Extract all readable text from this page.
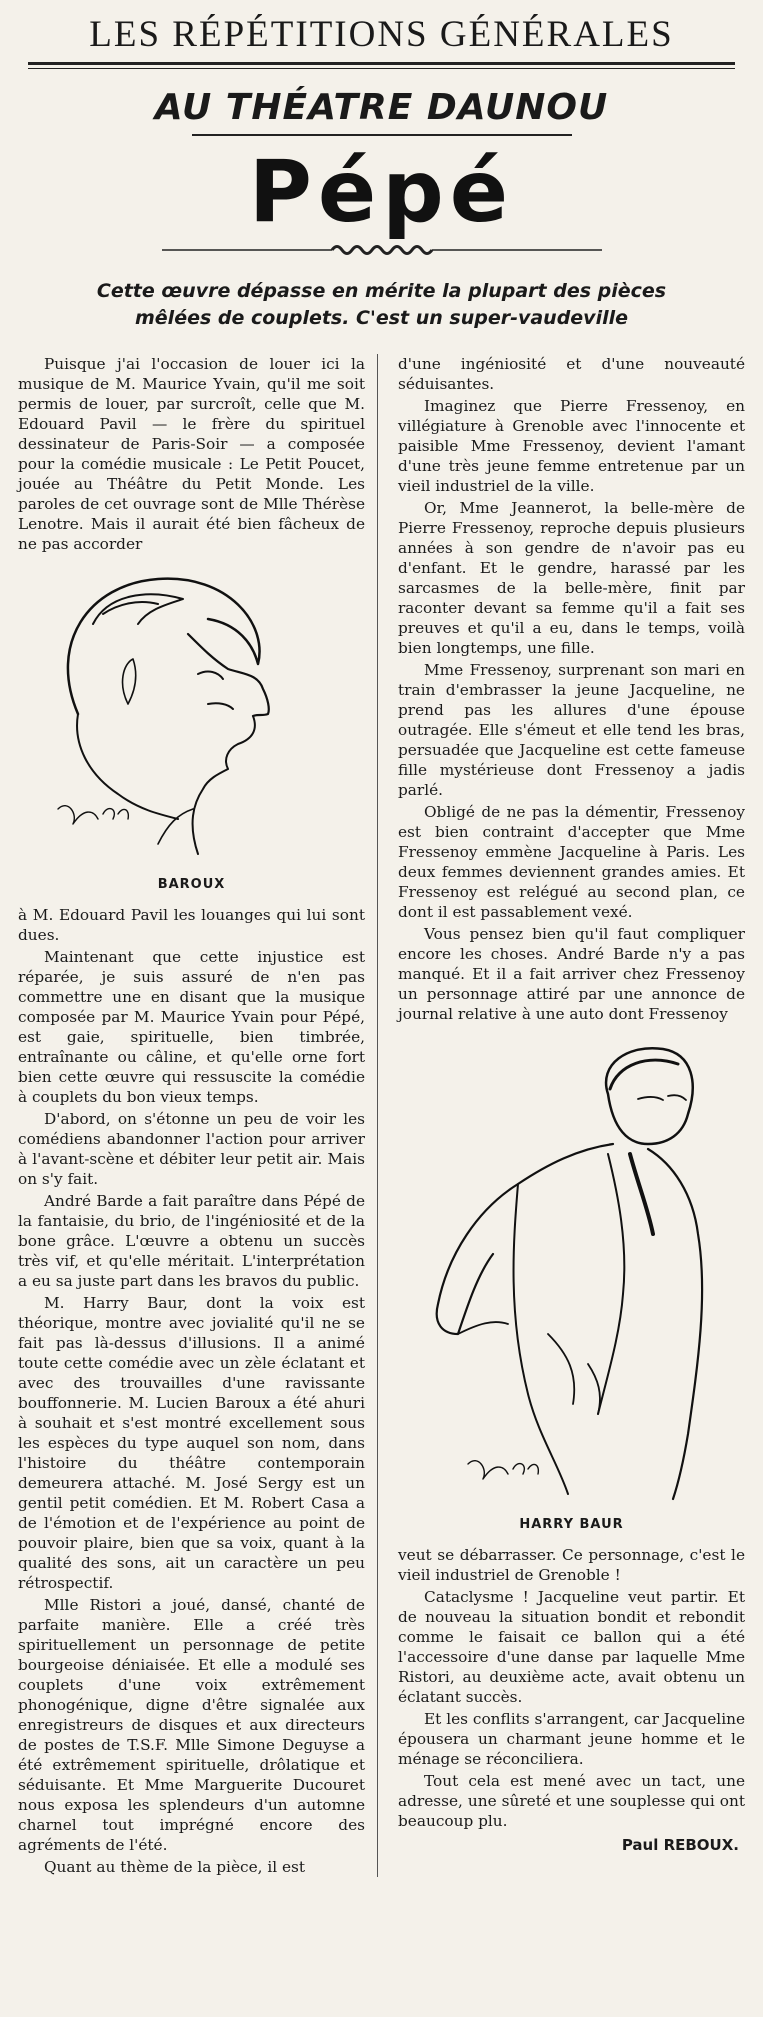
LES RÉPÉTITIONS GÉNÉRALES
AU THÉATRE DAUNOU
Pépé
Cette œuvre dépasse en mérite la plupart des pièces
mêlées de couplets. C'est un super-vaudeville

Puisque j'ai l'occasion de louer ici la musique de M. Maurice Yvain, qu'il me soit permis de louer, par surcroît, celle que M. Edouard Pavil — le frère du spirituel dessinateur de Paris-Soir — a composée pour la comédie musicale : Le Petit Poucet, jouée au Théâtre du Petit Monde. Les paroles de cet ouvrage sont de Mlle Thérèse Lenotre. Mais il aurait été bien fâcheux de ne pas accorder

BAROUX

à M. Edouard Pavil les louanges qui lui sont dues.

Maintenant que cette injustice est réparée, je suis assuré de n'en pas commettre une en disant que la musique composée par M. Maurice Yvain pour Pépé, est gaie, spirituelle, bien timbrée, entraînante ou câline, et qu'elle orne fort bien cette œuvre qui ressuscite la comédie à couplets du bon vieux temps.

D'abord, on s'étonne un peu de voir les comédiens abandonner l'action pour arriver à l'avant-scène et débiter leur petit air. Mais on s'y fait.

André Barde a fait paraître dans Pépé de la fantaisie, du brio, de l'ingéniosité et de la bone grâce. L'œuvre a obtenu un succès très vif, et qu'elle méritait. L'interprétation a eu sa juste part dans les bravos du public.

M. Harry Baur, dont la voix est théorique, montre avec jovialité qu'il ne se fait pas là-dessus d'illusions. Il a animé toute cette comédie avec un zèle éclatant et avec des trouvailles d'une ravissante bouffonnerie. M. Lucien Baroux a été ahuri à souhait et s'est montré excellement sous les espèces du type auquel son nom, dans l'histoire du théâtre contemporain demeurera attaché. M. José Sergy est un gentil petit comédien. Et M. Robert Casa a de l'émotion et de l'expérience au point de pouvoir plaire, bien que sa voix, quant à la qualité des sons, ait un caractère un peu rétrospectif.

Mlle Ristori a joué, dansé, chanté de parfaite manière. Elle a créé très spirituellement un personnage de petite bourgeoise déniaisée. Et elle a modulé ses couplets d'une voix extrêmement phonogénique, digne d'être signalée aux enregistreurs de disques et aux directeurs de postes de T.S.F. Mlle Simone Deguyse a été extrêmement spirituelle, drôlatique et séduisante. Et Mme Marguerite Ducouret nous exposa les splendeurs d'un automne charnel tout imprégné encore des agréments de l'été.

Quant au thème de la pièce, il est

d'une ingéniosité et d'une nouveauté séduisantes.

Imaginez que Pierre Fressenoy, en villégiature à Grenoble avec l'innocente et paisible Mme Fressenoy, devient l'amant d'une très jeune femme entretenue par un vieil industriel de la ville.

Or, Mme Jeannerot, la belle-mère de Pierre Fressenoy, reproche depuis plusieurs années à son gendre de n'avoir pas eu d'enfant. Et le gendre, harassé par les sarcasmes de la belle-mère, finit par raconter devant sa femme qu'il a fait ses preuves et qu'il a eu, dans le temps, voilà bien longtemps, une fille.

Mme Fressenoy, surprenant son mari en train d'embrasser la jeune Jacqueline, ne prend pas les allures d'une épouse outragée. Elle s'émeut et elle tend les bras, persuadée que Jacqueline est cette fameuse fille mystérieuse dont Fressenoy a jadis parlé.

Obligé de ne pas la démentir, Fressenoy est bien contraint d'accepter que Mme Fressenoy emmène Jacqueline à Paris. Les deux femmes deviennent grandes amies. Et Fressenoy est relégué au second plan, ce dont il est passablement vexé.

Vous pensez bien qu'il faut compliquer encore les choses. André Barde n'y a pas manqué. Et il a fait arriver chez Fressenoy un personnage attiré par une annonce de journal relative à une auto dont Fressenoy

HARRY BAUR

veut se débarrasser. Ce personnage, c'est le vieil industriel de Grenoble !

Cataclysme ! Jacqueline veut partir. Et de nouveau la situation bondit et rebondit comme le faisait ce ballon qui a été l'accessoire d'une danse par laquelle Mme Ristori, au deuxième acte, avait obtenu un éclatant succès.

Et les conflits s'arrangent, car Jacqueline épousera un charmant jeune homme et le ménage se réconciliera.

Tout cela est mené avec un tact, une adresse, une sûreté et une souplesse qui ont beaucoup plu.

Paul REBOUX.
